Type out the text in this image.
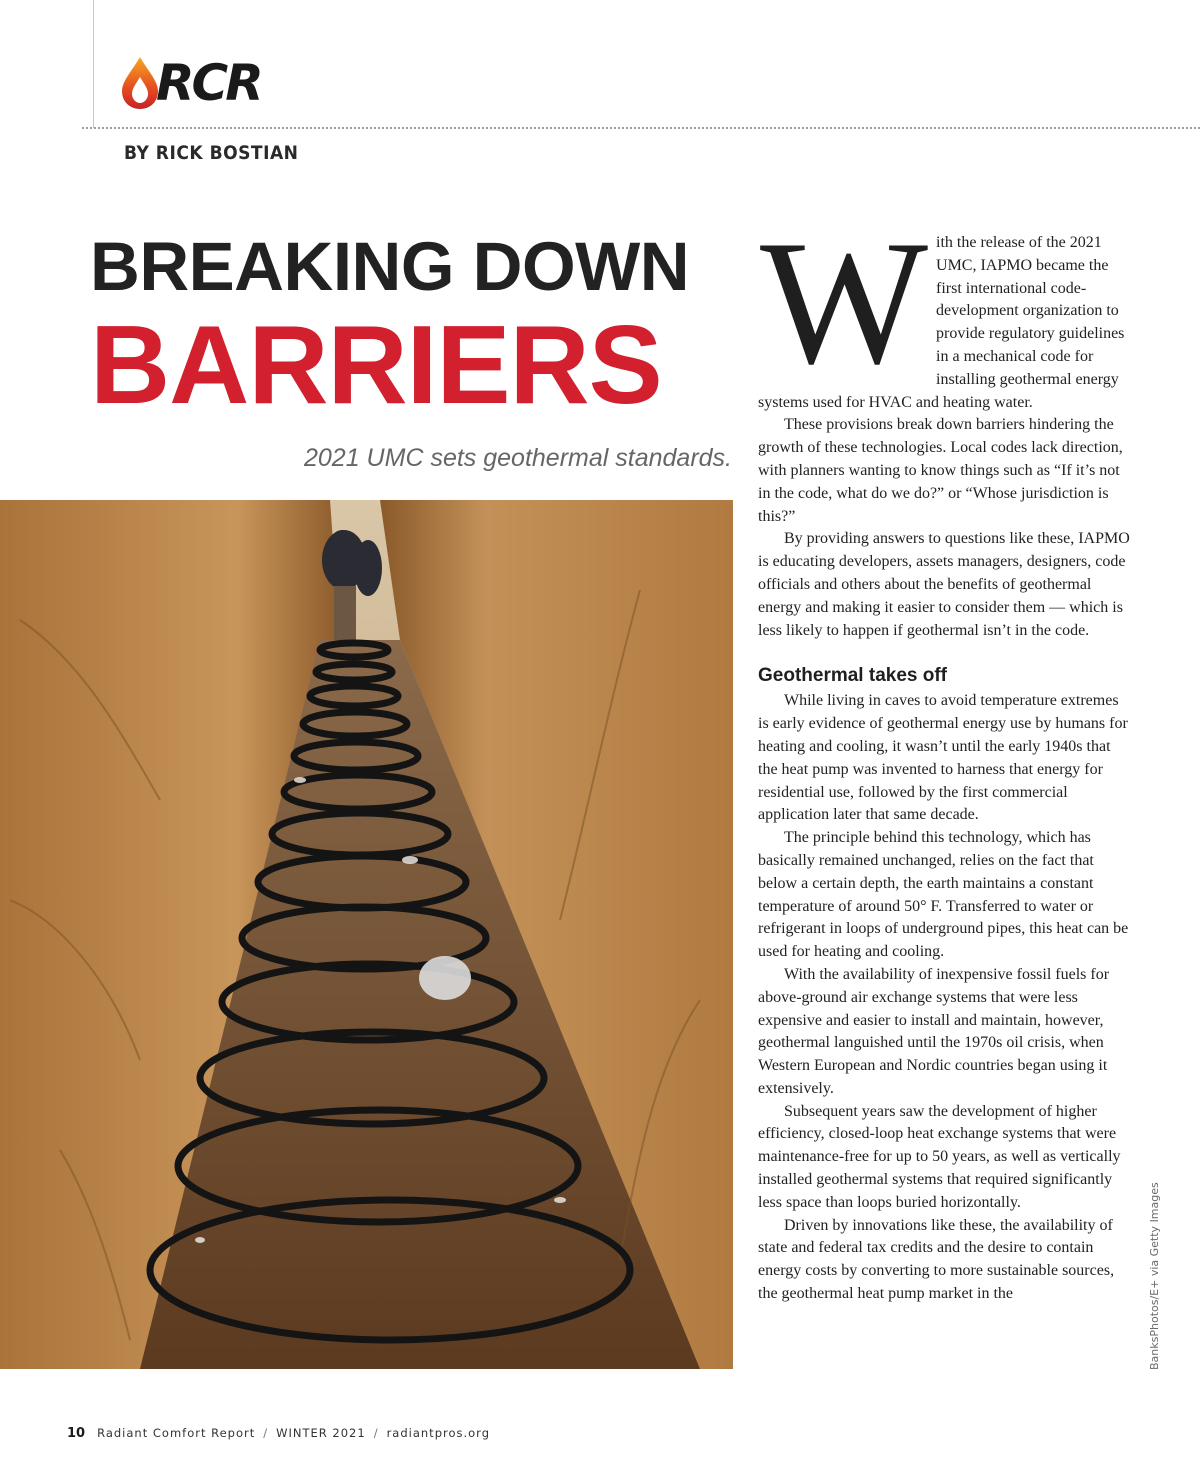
RCR
BY RICK BOSTIAN
BREAKING DOWN
BARRIERS
2021 UMC sets geothermal standards.
BanksPhotos/E+ via Getty Images
W ith the release of the 2021 UMC, IAPMO became the first international code-development organization to provide regulatory guidelines in a mechanical code for installing geothermal energy systems used for HVAC and heating water.

These provisions break down barriers hindering the growth of these technologies. Local codes lack direction, with planners wanting to know things such as “If it’s not in the code, what do we do?” or “Whose jurisdiction is this?”

By providing answers to questions like these, IAPMO is educating developers, assets managers, designers, code officials and others about the benefits of geothermal energy and making it easier to consider them — which is less likely to happen if geothermal isn’t in the code.

Geothermal takes off

While living in caves to avoid temperature extremes is early evidence of geothermal energy use by humans for heating and cooling, it wasn’t until the early 1940s that the heat pump was invented to harness that energy for residential use, followed by the first commercial application later that same decade.

The principle behind this technology, which has basically remained unchanged, relies on the fact that below a certain depth, the earth maintains a constant temperature of around 50° F. Transferred to water or refrigerant in loops of underground pipes, this heat can be used for heating and cooling.

With the availability of inexpensive fossil fuels for above-ground air exchange systems that were less expensive and easier to install and maintain, however, geothermal languished until the 1970s oil crisis, when Western European and Nordic countries began using it extensively.

Subsequent years saw the development of higher efficiency, closed-loop heat exchange systems that were maintenance-free for up to 50 years, as well as vertically installed geothermal systems that required significantly less space than loops buried horizontally.

Driven by innovations like these, the availability of state and federal tax credits and the desire to contain energy costs by converting to more sustainable sources, the geothermal heat pump market in the

10 Radiant Comfort Report / WINTER 2021 / radiantpros.org
